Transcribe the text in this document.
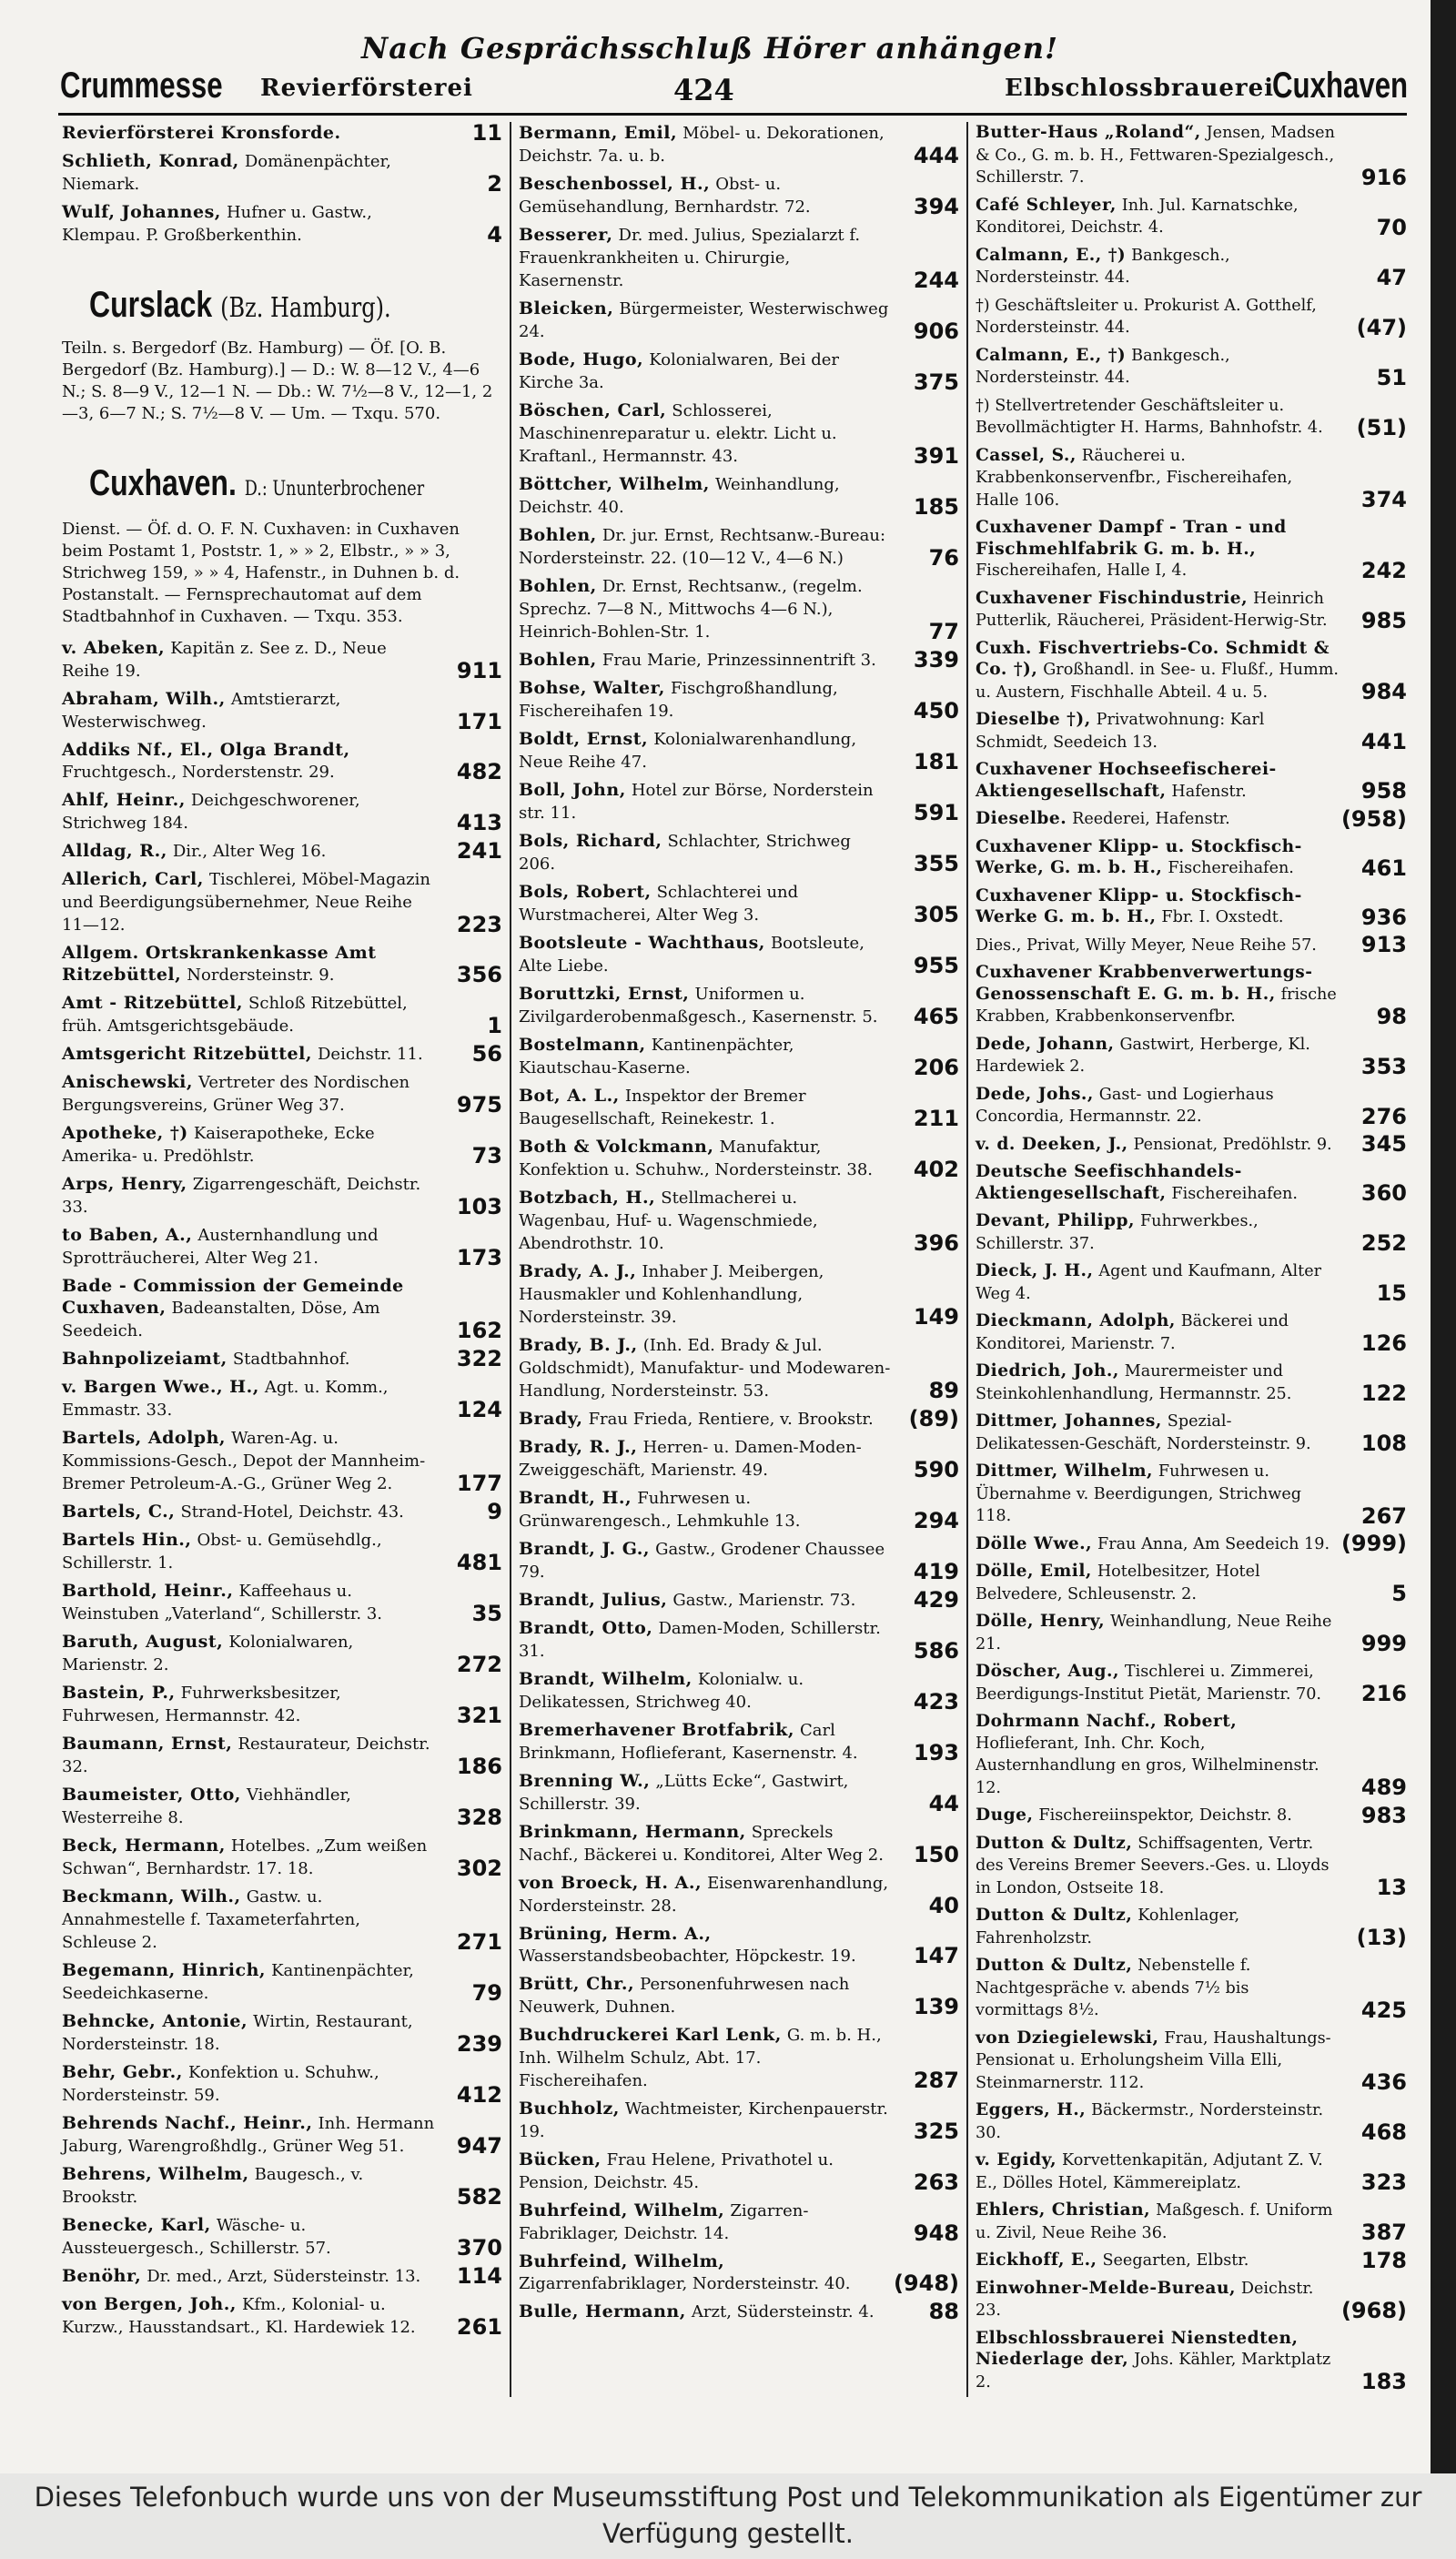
Nach Gesprächsschluß Hörer anhängen!
Crummesse Revierförsterei	424	Elbschlossbrauerei
Cuxhaven
Revierförsterei Kronsforde.	11
Schlieth, Konrad, Domänenpächter, Niemark.	2
Wulf, Johannes, Hufner u. Gastw., Klempau. P. Großberkenthin.	4
Curslack (Bz. Hamburg).
Teiln. s. Bergedorf (Bz. Hamburg) — Öf. [O. B. Bergedorf (Bz. Hamburg).] — D.: W. 8—12 V., 4—6 N.; S. 8—9 V., 12—1 N. — Db.: W. 7½—8 V., 12—1, 2—3, 6—7 N.; S. 7½—8 V. — Um. — Txqu. 570.
Cuxhaven. D.: Ununterbrochener
Dienst. — Öf. d. O. F. N. Cuxhaven: in Cuxhaven beim Postamt 1, Poststr. 1, » » 2, Elbstr., » » 3, Strichweg 159, » » 4, Hafenstr., in Duhnen b. d. Postanstalt. — Fernsprechautomat auf dem Stadtbahnhof in Cuxhaven. — Txqu. 353.
v. Abeken, Kapitän z. See z. D., Neue Reihe 19.	911
Abraham, Wilh., Amtstierarzt, Westerwischweg.	171
Addiks Nf., El., Olga Brandt, Fruchtgesch., Norderstenstr. 29.	482
Ahlf, Heinr., Deichgeschworener, Strichweg 184.	413
Alldag, R., Dir., Alter Weg 16.	241
Allerich, Carl, Tischlerei, Möbel-Magazin und Beerdigungsübernehmer, Neue Reihe 11—12.	223
Allgem. Ortskrankenkasse Amt Ritzebüttel, Nordersteinstr. 9.	356
Amt - Ritzebüttel, Schloß Ritzebüttel, früh. Amtsgerichtsgebäude.	1
Amtsgericht Ritzebüttel, Deichstr. 11. 56
Anischewski, Vertreter des Nordischen Bergungsvereins, Grüner Weg 37.	975
Apotheke, †) Kaiserapotheke, Ecke Amerika- u. Predöhlstr.	73
Arps, Henry, Zigarrengeschäft, Deichstr. 33.	103
to Baben, A., Austernhandlung und Sprotträucherei, Alter Weg 21.	173
Bade - Commission der Gemeinde Cuxhaven, Badeanstalten, Döse, Am Seedeich.	162
Bahnpolizeiamt, Stadtbahnhof.	322
v. Bargen Wwe., H., Agt. u. Komm., Emmastr. 33.	124
Bartels, Adolph, Waren-Ag. u. Kommissions-Gesch., Depot der Mannheim-Bremer Petroleum-A.-G., Grüner Weg 2.	177
Bartels, C., Strand-Hotel, Deichstr. 43.	9
Bartels Hin., Obst- u. Gemüsehdlg., Schillerstr. 1.	481
Barthold, Heinr., Kaffeehaus u. Weinstuben „Vaterland“, Schillerstr. 3.	35
Baruth, August, Kolonialwaren, Marienstr. 2.	272
Bastein, P., Fuhrwerksbesitzer, Fuhrwesen, Hermannstr. 42.	321
Baumann, Ernst, Restaurateur, Deichstr. 32.	186
Baumeister, Otto, Viehhändler, Westerreihe 8.	328
Beck, Hermann, Hotelbes. „Zum weißen Schwan“, Bernhardstr. 17. 18.	302
Beckmann, Wilh., Gastw. u. Annahmestelle f. Taxameterfahrten, Schleuse 2.	271
Begemann, Hinrich, Kantinenpächter, Seedeichkaserne.	79
Behncke, Antonie, Wirtin, Restaurant, Nordersteinstr. 18.	239
Behr, Gebr., Konfektion u. Schuhw., Nordersteinstr. 59.	412
Behrends Nachf., Heinr., Inh. Hermann Jaburg, Warengroßhdlg., Grüner Weg 51. 947
Behrens, Wilhelm, Baugesch., v. Brookstr.	582
Benecke, Karl, Wäsche- u. Aussteuergesch., Schillerstr. 57.	370
Benöhr, Dr. med., Arzt, Südersteinstr. 13. 114
von Bergen, Joh., Kfm., Kolonial- u. Kurzw., Hausstandsart., Kl. Hardewiek 12. 261
Bermann, Emil, Möbel- u. Dekorationen, Deichstr. 7a. u. b.	444
Beschenbossel, H., Obst- u. Gemüsehandlung, Bernhardstr. 72.	394
Besserer, Dr. med. Julius, Spezialarzt f. Frauenkrankheiten u. Chirurgie, Kasernenstr.	244
Bleicken, Bürgermeister, Westerwischweg 24.	906
Bode, Hugo, Kolonialwaren, Bei der Kirche 3a.	375
Böschen, Carl, Schlosserei, Maschinenreparatur u. elektr. Licht u. Kraftanl., Hermannstr. 43.	391
Böttcher, Wilhelm, Weinhandlung, Deichstr. 40.	185
Bohlen, Dr. jur. Ernst, Rechtsanw.-Bureau: Nordersteinstr. 22. (10—12 V., 4—6 N.)	76
Bohlen, Dr. Ernst, Rechtsanw., (regelm. Sprechz. 7—8 N., Mittwochs 4—6 N.), Heinrich-Bohlen-Str. 1.	77
Bohlen, Frau Marie, Prinzessinnentrift 3. 339
Bohse, Walter, Fischgroßhandlung, Fischereihafen 19.	450
Boldt, Ernst, Kolonialwarenhandlung, Neue Reihe 47.	181
Boll, John, Hotel zur Börse, Norderstein str. 11.	591
Bols, Richard, Schlachter, Strichweg 206.	355
Bols, Robert, Schlachterei und Wurstmacherei, Alter Weg 3.	305
Bootsleute - Wachthaus, Bootsleute, Alte Liebe.	955
Boruttzki, Ernst, Uniformen u. Zivilgarderobenmaßgesch., Kasernenstr. 5. 465
Bostelmann, Kantinenpächter, Kiautschau-Kaserne.	206
Bot, A. L., Inspektor der Bremer Baugesellschaft, Reinekestr. 1.	211
Both & Volckmann, Manufaktur, Konfektion u. Schuhw., Nordersteinstr. 38. 402
Botzbach, H., Stellmacherei u. Wagenbau, Huf- u. Wagenschmiede, Abendrothstr. 10.	396
Brady, A. J., Inhaber J. Meibergen, Hausmakler und Kohlenhandlung, Nordersteinstr. 39.	149
Brady, B. J., (Inh. Ed. Brady & Jul. Goldschmidt), Manufaktur- und Modewaren-Handlung, Nordersteinstr. 53.	89
Brady, Frau Frieda, Rentiere, v. Brookstr. (89)
Brady, R. J., Herren- u. Damen-Moden-Zweiggeschäft, Marienstr. 49.	590
Brandt, H., Fuhrwesen u. Grünwarengesch., Lehmkuhle 13.	294
Brandt, J. G., Gastw., Grodener Chaussee 79.	419
Brandt, Julius, Gastw., Marienstr. 73.	429
Brandt, Otto, Damen-Moden, Schillerstr. 31.	586
Brandt, Wilhelm, Kolonialw. u. Delikatessen, Strichweg 40.	423
Bremerhavener Brotfabrik, Carl Brinkmann, Hoflieferant, Kasernenstr. 4.	193
Brenning W., „Lütts Ecke“, Gastwirt, Schillerstr. 39.	44
Brinkmann, Hermann, Spreckels Nachf., Bäckerei u. Konditorei, Alter Weg 2. 150
von Broeck, H. A., Eisenwarenhandlung, Nordersteinstr. 28.	40
Brüning, Herm. A., Wasserstandsbeobachter, Höpckestr. 19.	147
Brütt, Chr., Personenfuhrwesen nach Neuwerk, Duhnen.	139
Buchdruckerei Karl Lenk, G. m. b. H., Inh. Wilhelm Schulz, Abt. 17. Fischereihafen.	287
Buchholz, Wachtmeister, Kirchenpauerstr. 19.	325
Bücken, Frau Helene, Privathotel u. Pension, Deichstr. 45.	263
Buhrfeind, Wilhelm, Zigarren-Fabriklager, Deichstr. 14.	948
Buhrfeind, Wilhelm, Zigarrenfabriklager, Nordersteinstr. 40. (948)
Bulle, Hermann, Arzt, Südersteinstr. 4.	88
Butter-Haus „Roland“, Jensen, Madsen & Co., G. m. b. H., Fettwaren-Spezialgesch., Schillerstr. 7.	916
Café Schleyer, Inh. Jul. Karnatschke, Konditorei, Deichstr. 4.	70
Calmann, E., †) Bankgesch., Nordersteinstr. 44.	47
†) Geschäftsleiter u. Prokurist A. Gotthelf, Nordersteinstr. 44.	(47)
Calmann, E., †) Bankgesch., Nordersteinstr. 44.	51
†) Stellvertretender Geschäftsleiter u. Bevollmächtigter H. Harms, Bahnhofstr. 4. (51)
Cassel, S., Räucherei u. Krabbenkonservenfbr., Fischereihafen, Halle 106.	374
Cuxhavener Dampf - Tran - und Fischmehlfabrik G. m. b. H., Fischereihafen, Halle I, 4.	242
Cuxhavener Fischindustrie, Heinrich Putterlik, Räucherei, Präsident-Herwig-Str. 985
Cuxh. Fischvertriebs-Co. Schmidt & Co. †), Großhandl. in See- u. Flußf., Humm. u. Austern, Fischhalle Abteil. 4 u. 5.	984
Dieselbe †), Privatwohnung: Karl Schmidt, Seedeich 13.	441
Cuxhavener Hochseefischerei-Aktiengesellschaft, Hafenstr.	958
Dieselbe. Reederei, Hafenstr.	(958)
Cuxhavener Klipp- u. Stockfisch-Werke, G. m. b. H., Fischereihafen.	461
Cuxhavener Klipp- u. Stockfisch-Werke G. m. b. H., Fbr. I. Oxstedt.	936
Dies., Privat, Willy Meyer, Neue Reihe 57. 913
Cuxhavener Krabbenverwertungs-Genossenschaft E. G. m. b. H., frische Krabben, Krabbenkonservenfbr.	98
Dede, Johann, Gastwirt, Herberge, Kl. Hardewiek 2.	353
Dede, Johs., Gast- und Logierhaus Concordia, Hermannstr. 22.	276
v. d. Deeken, J., Pensionat, Predöhlstr. 9. 345
Deutsche Seefischhandels-Aktiengesellschaft, Fischereihafen.	360
Devant, Philipp, Fuhrwerkbes., Schillerstr. 37.	252
Dieck, J. H., Agent und Kaufmann, Alter Weg 4.	15
Dieckmann, Adolph, Bäckerei und Konditorei, Marienstr. 7.	126
Diedrich, Joh., Maurermeister und Steinkohlenhandlung, Hermannstr. 25.	122
Dittmer, Johannes, Spezial-Delikatessen-Geschäft, Nordersteinstr. 9. 108
Dittmer, Wilhelm, Fuhrwesen u. Übernahme v. Beerdigungen, Strichweg 118.	267
Dölle Wwe., Frau Anna, Am Seedeich 19. (999)
Dölle, Emil, Hotelbesitzer, Hotel Belvedere, Schleusenstr. 2.	5
Dölle, Henry, Weinhandlung, Neue Reihe 21.	999
Döscher, Aug., Tischlerei u. Zimmerei, Beerdigungs-Institut Pietät, Marienstr. 70. 216
Dohrmann Nachf., Robert, Hoflieferant, Inh. Chr. Koch, Austernhandlung en gros, Wilhelminenstr. 12.	489
Duge, Fischereiinspektor, Deichstr. 8.	983
Dutton & Dultz, Schiffsagenten, Vertr. des Vereins Bremer Seevers.-Ges. u. Lloyds in London, Ostseite 18.	13
Dutton & Dultz, Kohlenlager, Fahrenholzstr.	(13)
Dutton & Dultz, Nebenstelle f. Nachtgespräche v. abends 7½ bis vormittags 8½.	425
von Dziegielewski, Frau, Haushaltungs-Pensionat u. Erholungsheim Villa Elli, Steinmarnerstr. 112.	436
Eggers, H., Bäckermstr., Nordersteinstr. 30.	468
v. Egidy, Korvettenkapitän, Adjutant Z. V. E., Dölles Hotel, Kämmereiplatz.	323
Ehlers, Christian, Maßgesch. f. Uniform u. Zivil, Neue Reihe 36.	387
Eickhoff, E., Seegarten, Elbstr.	178
Einwohner-Melde-Bureau, Deichstr. 23.	(968)
Elbschlossbrauerei Nienstedten, Niederlage der, Johs. Kähler, Marktplatz 2.	183
Dieses Telefonbuch wurde uns von der Museumsstiftung Post und Telekommunikation als Eigentümer zur Verfügung gestellt.
